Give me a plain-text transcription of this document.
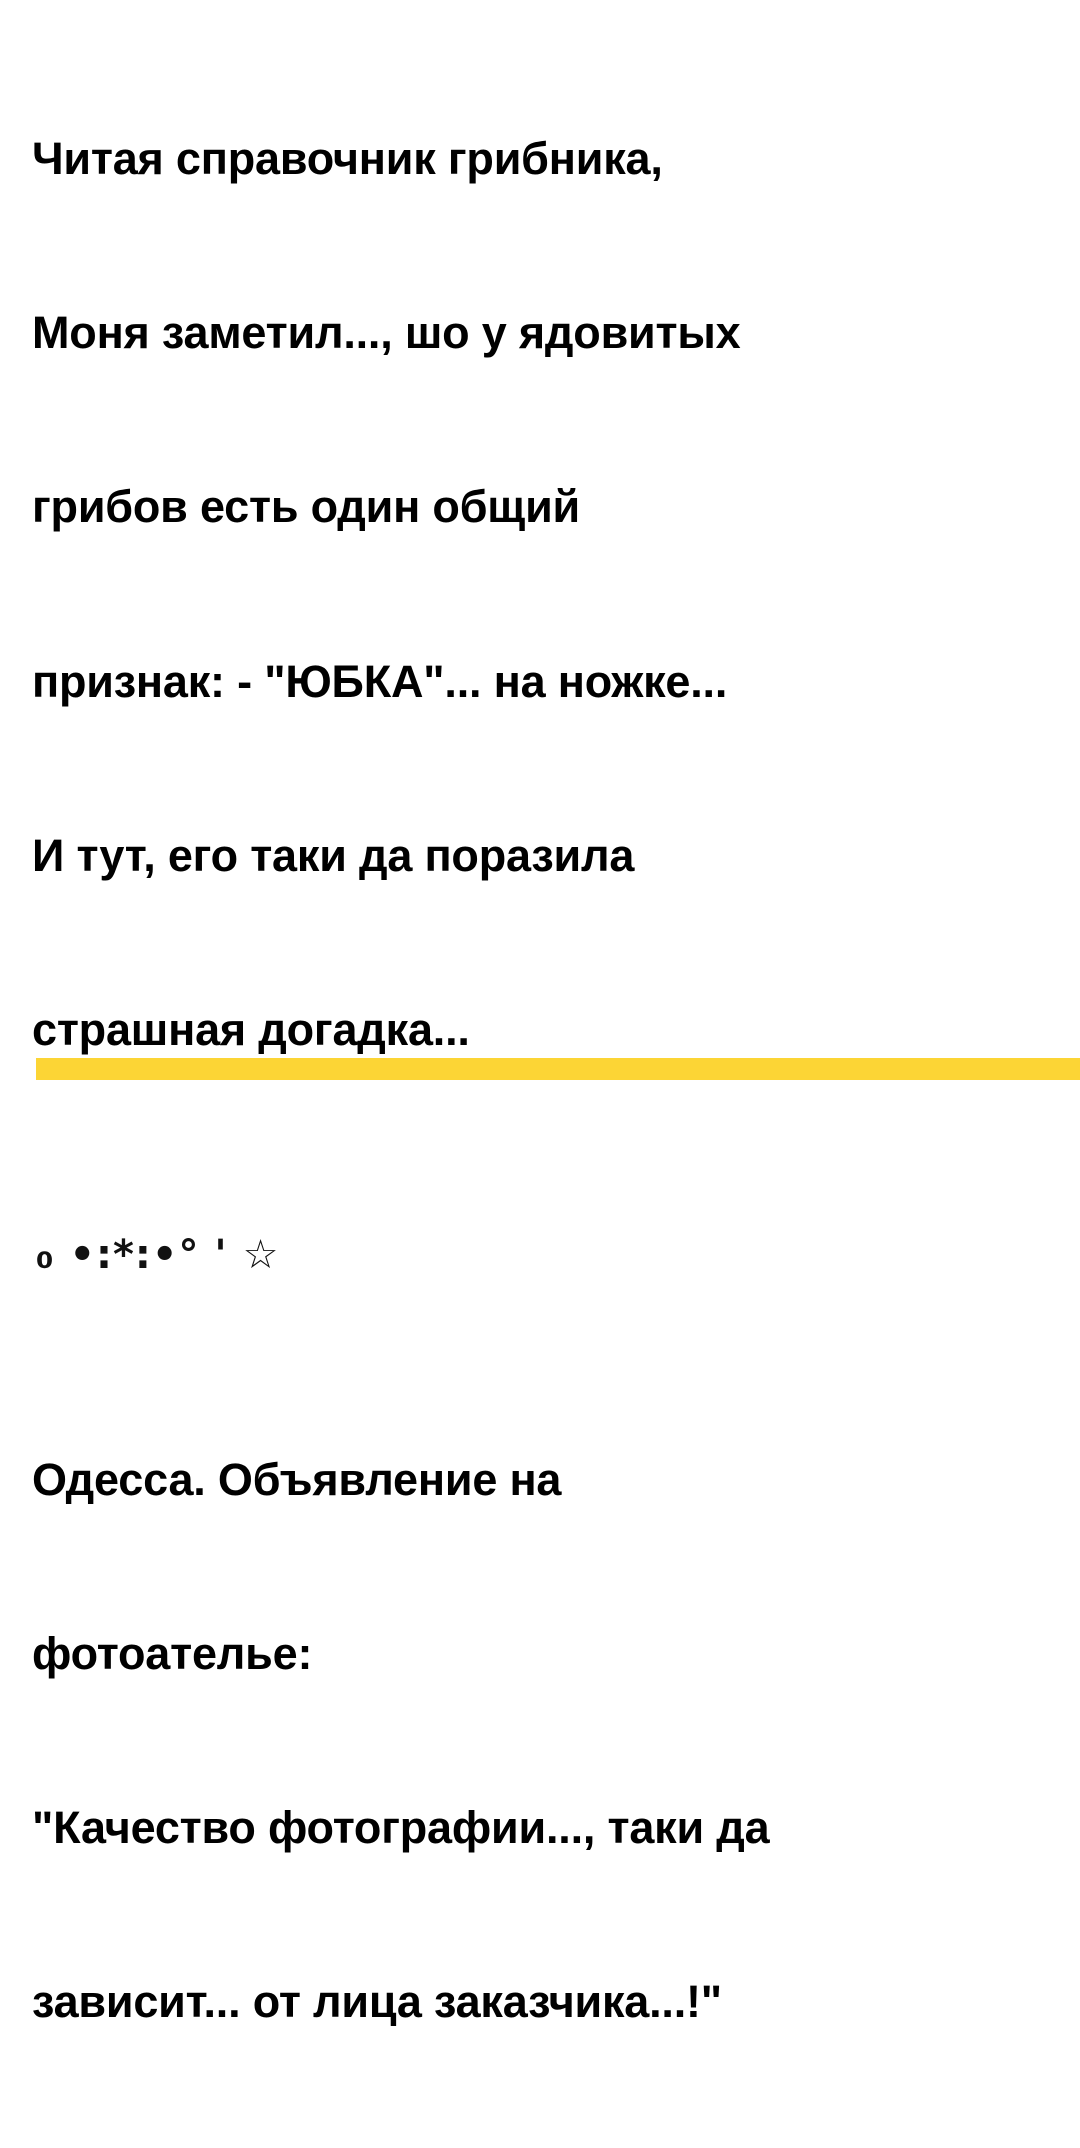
Читая справочник грибника,

Моня заметил..., шо у ядовитых

грибов есть один общий

признак: - "ЮБКА"... на ножке...

И тут, его таки да поразила

страшная догадка...

₀ •:*:•° ' ☆

Одесса. Объявление на

фотоателье:

"Качество фотографии..., таки да

зависит... от лица заказчика...!"
